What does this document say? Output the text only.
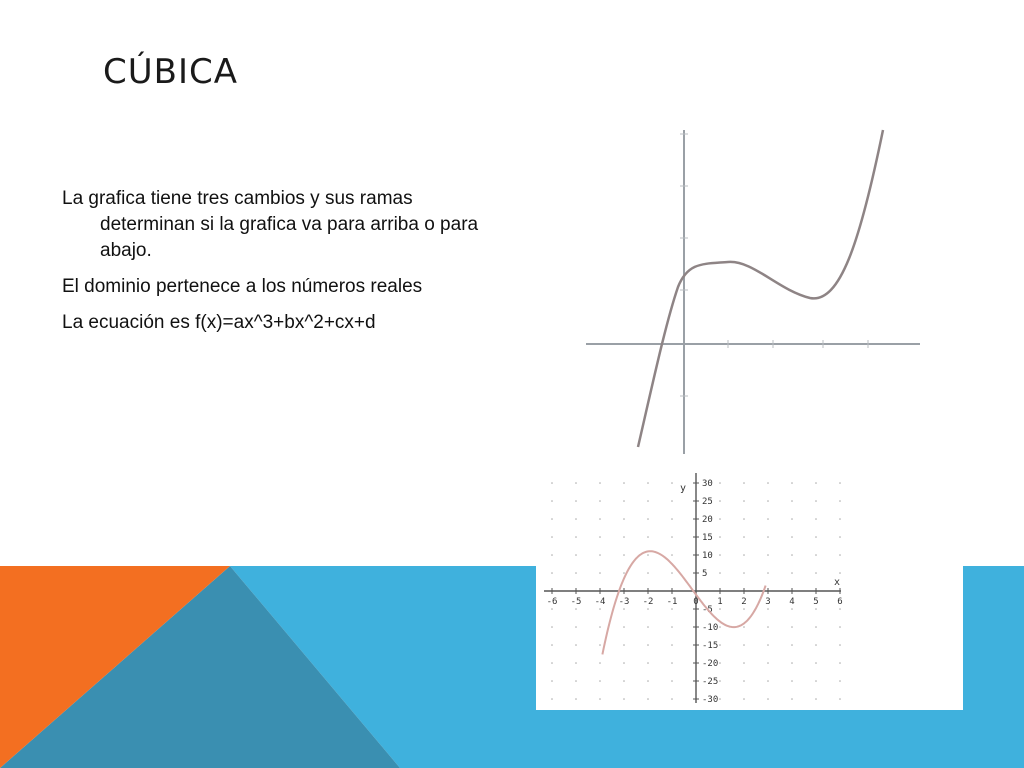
CÚBICA

La grafica tiene tres cambios y sus ramas determinan si la grafica va para arriba o para abajo.

El dominio pertenece a los números reales

La ecuación es f(x)=ax^3+bx^2+cx+d

-6 -5 -4 -3 -2 -1 0 1 2 3 4 5 6
30
25
20
15
10
5
-5
-10
-15
-20
-25
-30
x
y
